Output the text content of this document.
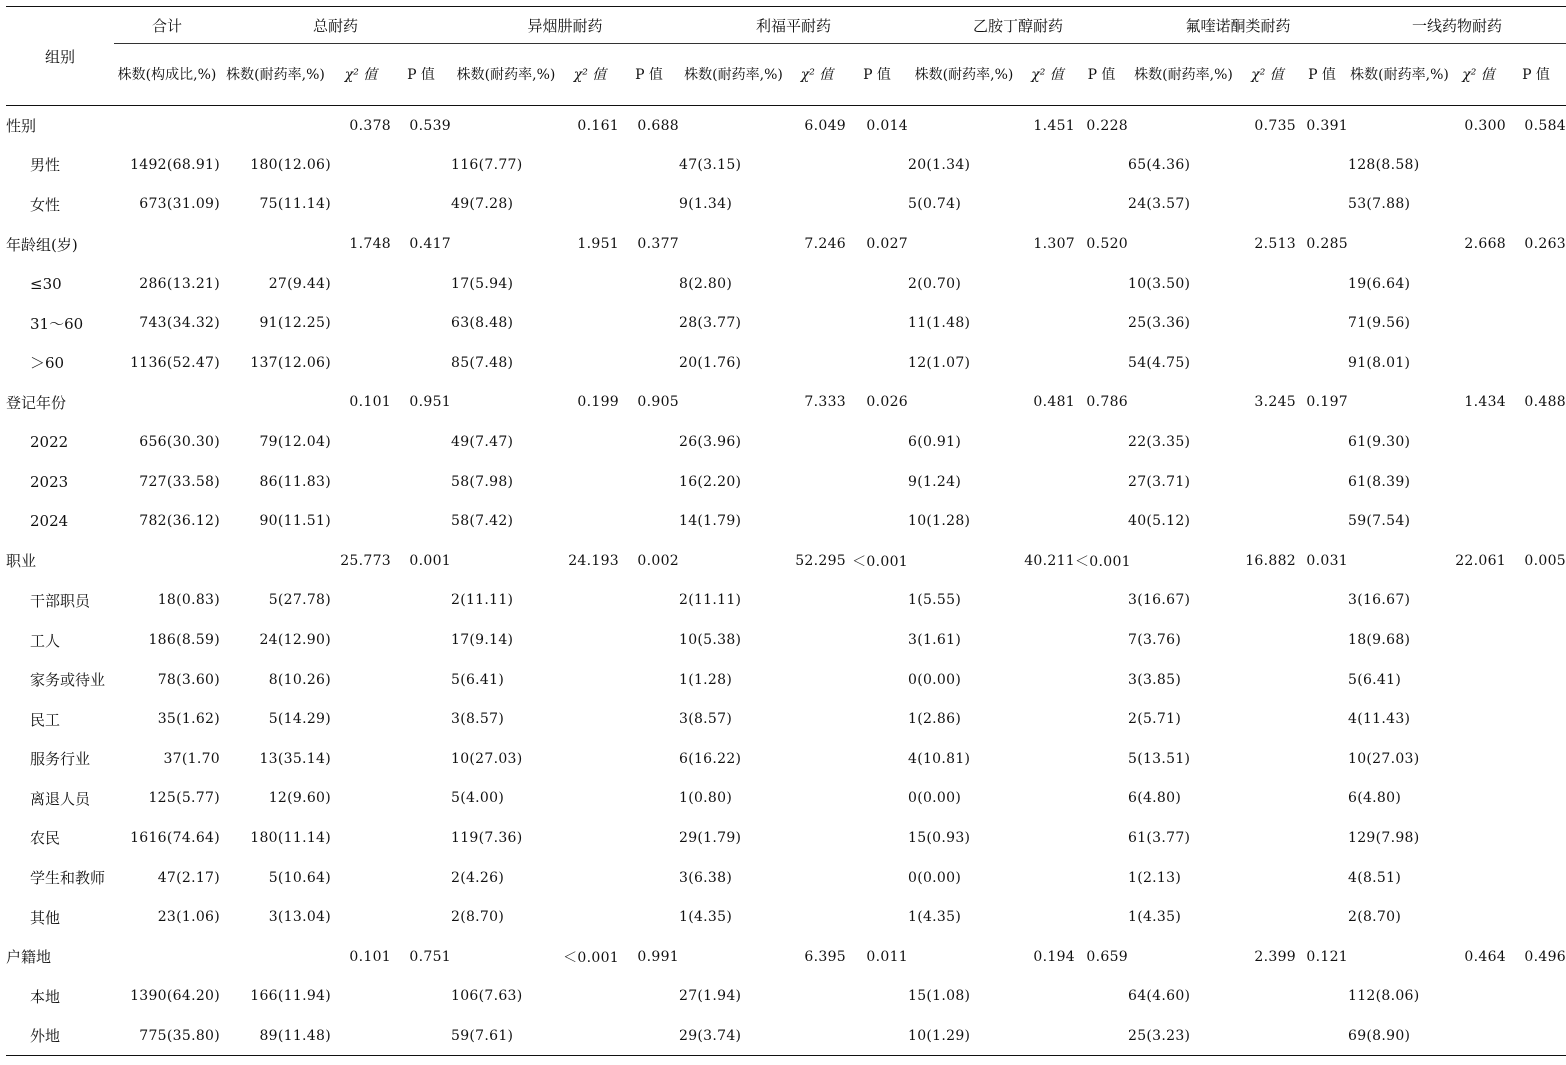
组别	合计	总耐药			异烟肼耐药			利福平耐药			乙胺丁醇耐药			氟喹诺酮类耐药			一线药物耐药		

	株数(构成比,%)	株数(耐药率,%)	χ² 值	P 值	株数(耐药率,%)	χ² 值	P 值	株数(耐药率,%)	χ² 值	P 值	株数(耐药率,%)	χ² 值	P 值	株数(耐药率,%)	χ² 值	P 值	株数(耐药率,%)	χ² 值	P 值
性别			0.378	0.539		0.161	0.688		6.049	0.014		1.451	0.228		0.735	0.391		0.300	0.584
男性	1492(68.91)	180(12.06)			116(7.77)			47(3.15)			20(1.34)			65(4.36)			128(8.58)		
女性	673(31.09)	75(11.14)			49(7.28)			9(1.34)			5(0.74)			24(3.57)			53(7.88)		
年龄组(岁)			1.748	0.417		1.951	0.377		7.246	0.027		1.307	0.520		2.513	0.285		2.668	0.263
≤30	286(13.21)	27(9.44)			17(5.94)			8(2.80)			2(0.70)			10(3.50)			19(6.64)		
31～60	743(34.32)	91(12.25)			63(8.48)			28(3.77)			11(1.48)			25(3.36)			71(9.56)		
＞60	1136(52.47)	137(12.06)			85(7.48)			20(1.76)			12(1.07)			54(4.75)			91(8.01)		
登记年份			0.101	0.951		0.199	0.905		7.333	0.026		0.481	0.786		3.245	0.197		1.434	0.488
2022	656(30.30)	79(12.04)			49(7.47)			26(3.96)			6(0.91)			22(3.35)			61(9.30)		
2023	727(33.58)	86(11.83)			58(7.98)			16(2.20)			9(1.24)			27(3.71)			61(8.39)		
2024	782(36.12)	90(11.51)			58(7.42)			14(1.79)			10(1.28)			40(5.12)			59(7.54)		
职业			25.773	0.001		24.193	0.002		52.295	＜0.001		40.211	＜0.001		16.882	0.031		22.061	0.005
干部职员	18(0.83)	5(27.78)			2(11.11)			2(11.11)			1(5.55)			3(16.67)			3(16.67)		
工人	186(8.59)	24(12.90)			17(9.14)			10(5.38)			3(1.61)			7(3.76)			18(9.68)		
家务或待业	78(3.60)	8(10.26)			5(6.41)			1(1.28)			0(0.00)			3(3.85)			5(6.41)		
民工	35(1.62)	5(14.29)			3(8.57)			3(8.57)			1(2.86)			2(5.71)			4(11.43)		
服务行业	37(1.70	13(35.14)			10(27.03)			6(16.22)			4(10.81)			5(13.51)			10(27.03)		
离退人员	125(5.77)	12(9.60)			5(4.00)			1(0.80)			0(0.00)			6(4.80)			6(4.80)		
农民	1616(74.64)	180(11.14)			119(7.36)			29(1.79)			15(0.93)			61(3.77)			129(7.98)		
学生和教师	47(2.17)	5(10.64)			2(4.26)			3(6.38)			0(0.00)			1(2.13)			4(8.51)		
其他	23(1.06)	3(13.04)			2(8.70)			1(4.35)			1(4.35)			1(4.35)			2(8.70)		
户籍地			0.101	0.751		＜0.001	0.991		6.395	0.011		0.194	0.659		2.399	0.121		0.464	0.496
本地	1390(64.20)	166(11.94)			106(7.63)			27(1.94)			15(1.08)			64(4.60)			112(8.06)		
外地	775(35.80)	89(11.48)			59(7.61)			29(3.74)			10(1.29)			25(3.23)			69(8.90)		
